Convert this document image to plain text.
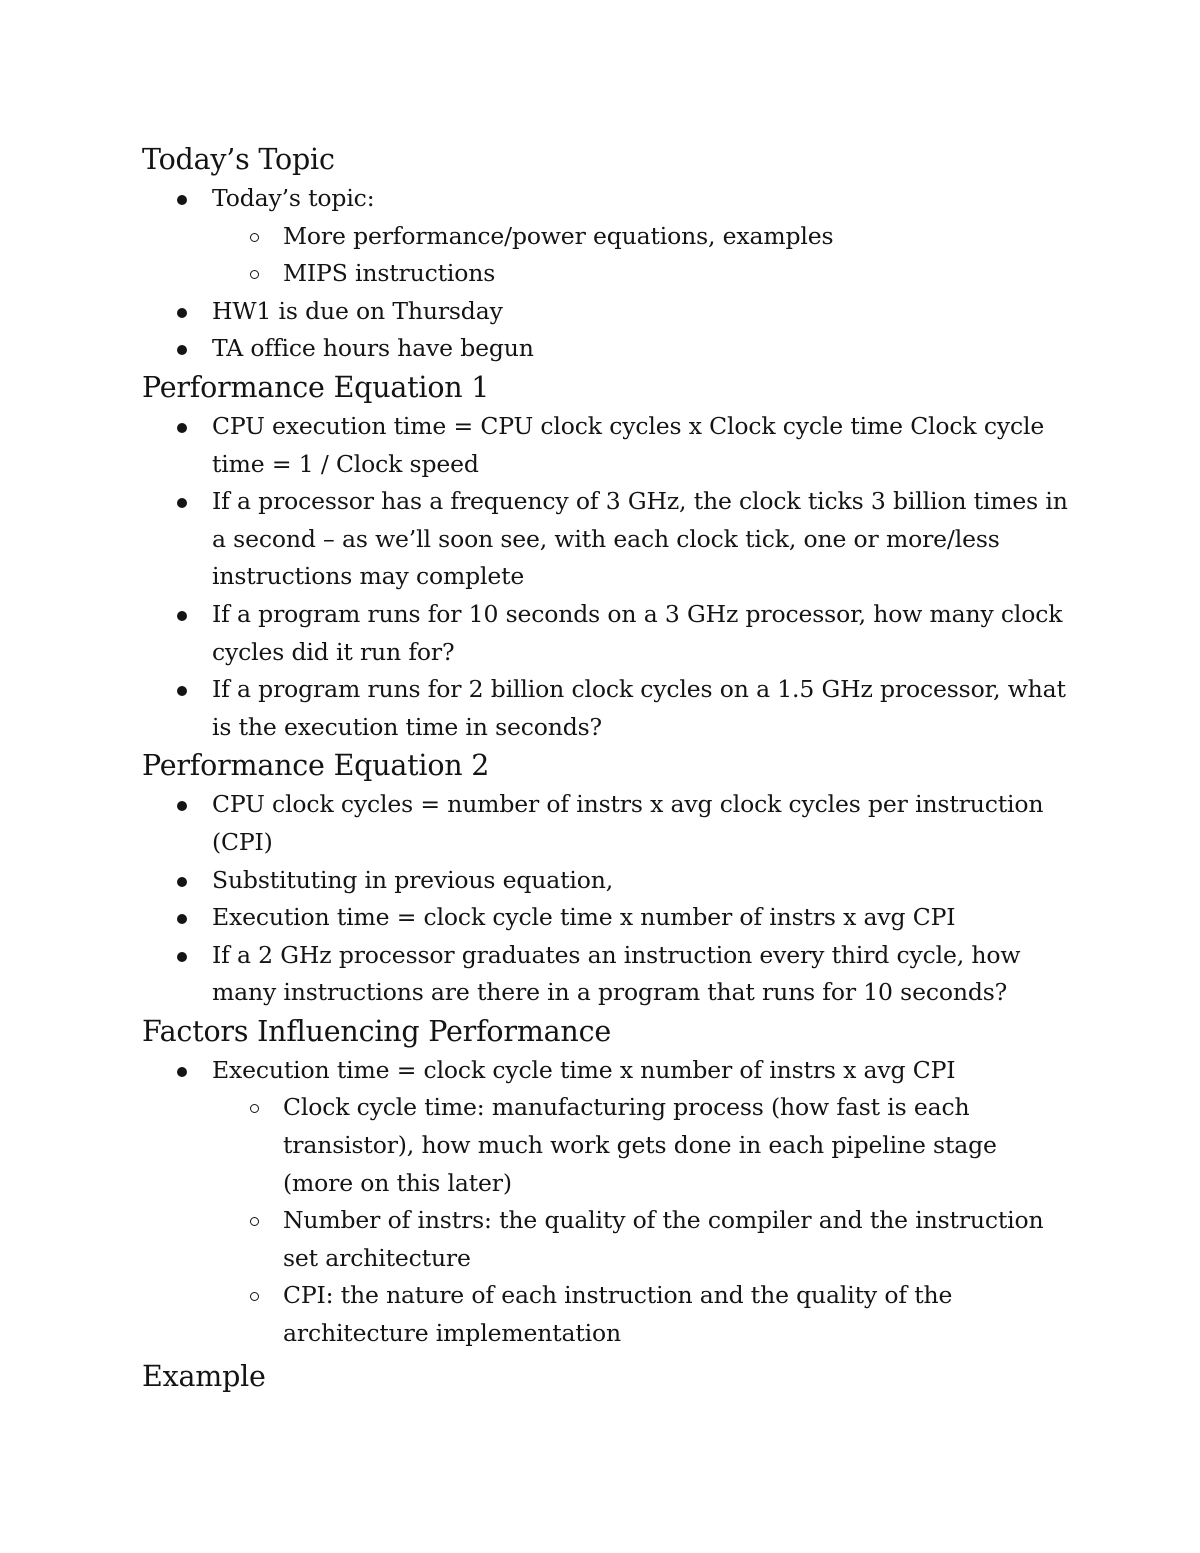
Today’s Topic
Today’s topic:
More performance/power equations, examples
MIPS instructions
HW1 is due on Thursday
TA office hours have begun
Performance Equation 1
CPU execution time = CPU clock cycles x Clock cycle time Clock cycle time = 1 / Clock speed
If a processor has a frequency of 3 GHz, the clock ticks 3 billion times in a second – as we’ll soon see, with each clock tick, one or more/less instructions may complete
If a program runs for 10 seconds on a 3 GHz processor, how many clock cycles did it run for?
If a program runs for 2 billion clock cycles on a 1.5 GHz processor, what is the execution time in seconds?
Performance Equation 2
CPU clock cycles = number of instrs x avg clock cycles per instruction (CPI)
Substituting in previous equation,
Execution time = clock cycle time x number of instrs x avg CPI
If a 2 GHz processor graduates an instruction every third cycle, how many instructions are there in a program that runs for 10 seconds?
Factors Influencing Performance
Execution time = clock cycle time x number of instrs x avg CPI
Clock cycle time: manufacturing process (how fast is each transistor), how much work gets done in each pipeline stage (more on this later)
Number of instrs: the quality of the compiler and the instruction set architecture
CPI: the nature of each instruction and the quality of the architecture implementation
Example
